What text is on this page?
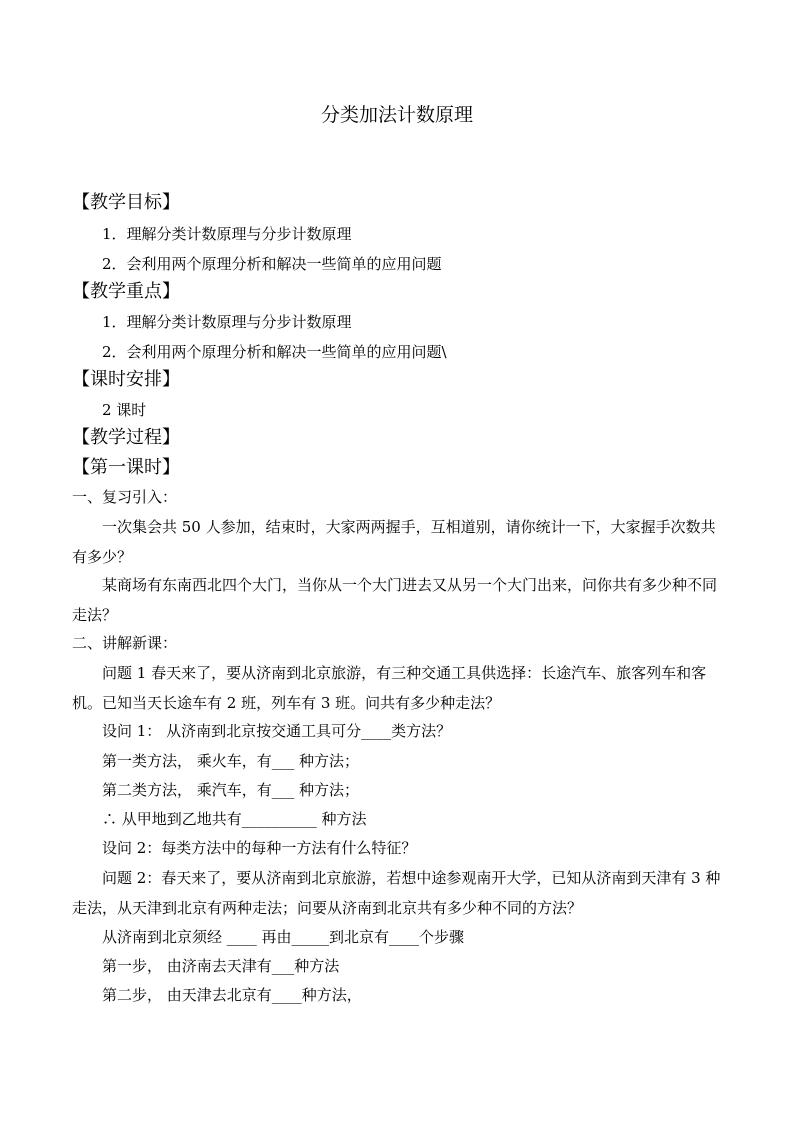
分类加法计数原理
【教学目标】
1．理解分类计数原理与分步计数原理
2．会利用两个原理分析和解决一些简单的应用问题
【教学重点】
1．理解分类计数原理与分步计数原理
2．会利用两个原理分析和解决一些简单的应用问题\
【课时安排】
2 课时
【教学过程】
【第一课时】
一、复习引入：
一次集会共 50 人参加，结束时，大家两两握手，互相道别，请你统计一下，大家握手次数共有多少？
某商场有东南西北四个大门，当你从一个大门进去又从另一个大门出来，问你共有多少种不同走法？
二、讲解新课：
问题 1 春天来了，要从济南到北京旅游，有三种交通工具供选择：长途汽车、旅客列车和客机。已知当天长途车有 2 班，列车有 3 班。问共有多少种走法？
设问 1： 从济南到北京按交通工具可分____类方法？
第一类方法， 乘火车，有___ 种方法；
第二类方法， 乘汽车，有___ 种方法；
∴ 从甲地到乙地共有__________ 种方法
设问 2：每类方法中的每种一方法有什么特征？
问题 2：春天来了，要从济南到北京旅游，若想中途参观南开大学，已知从济南到天津有 3 种走法，从天津到北京有两种走法；问要从济南到北京共有多少种不同的方法？
从济南到北京须经 ____ 再由_____到北京有____个步骤
第一步， 由济南去天津有___种方法
第二步， 由天津去北京有____种方法，
